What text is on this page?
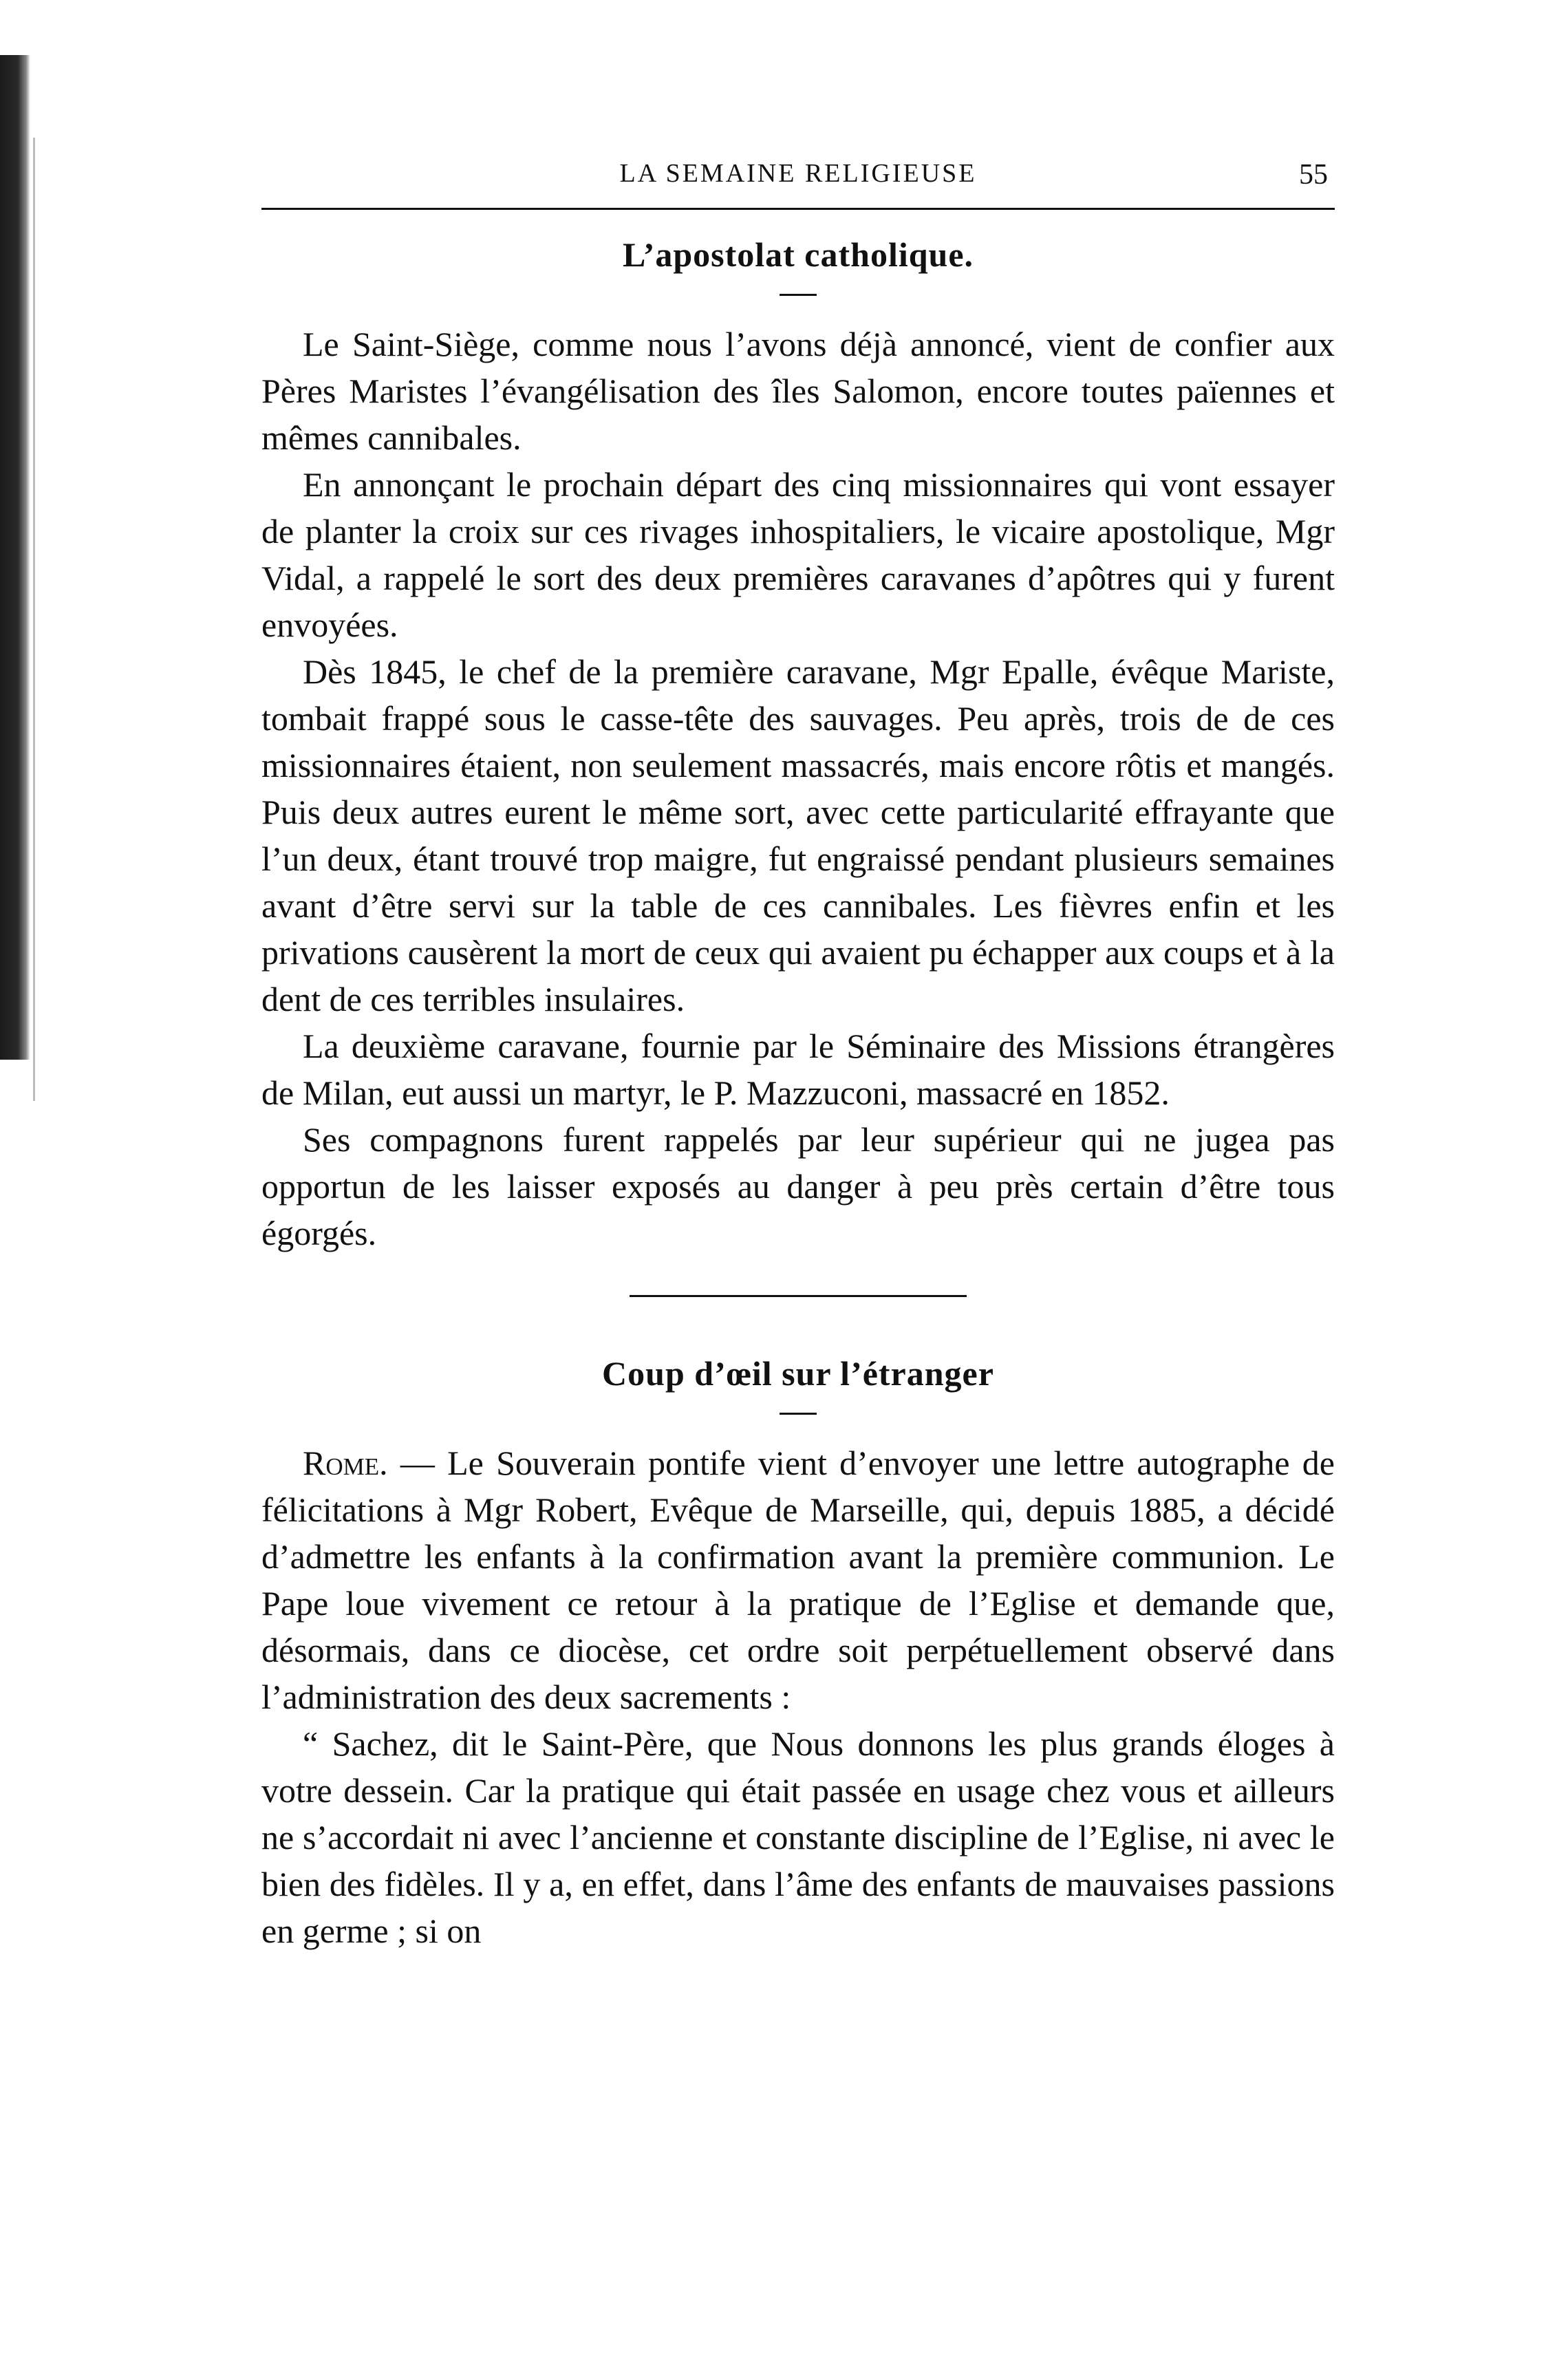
LA SEMAINE RELIGIEUSE	55
L’apostolat catholique.

Le Saint-Siège, comme nous l’avons déjà annoncé, vient de confier aux Pères Maristes l’évangélisation des îles Salomon, encore toutes païennes et mêmes cannibales.

En annonçant le prochain départ des cinq missionnaires qui vont essayer de planter la croix sur ces rivages inhospitaliers, le vicaire apostolique, Mgr Vidal, a rappelé le sort des deux premières caravanes d’apôtres qui y furent envoyées.

Dès 1845, le chef de la première caravane, Mgr Epalle, évêque Mariste, tombait frappé sous le casse-tête des sauvages. Peu après, trois de de ces missionnaires étaient, non seulement massacrés, mais encore rôtis et mangés. Puis deux autres eurent le même sort, avec cette particularité effrayante que l’un deux, étant trouvé trop maigre, fut engraissé pendant plusieurs semaines avant d’être servi sur la table de ces cannibales. Les fièvres enfin et les privations causèrent la mort de ceux qui avaient pu échapper aux coups et à la dent de ces terribles insulaires.

La deuxième caravane, fournie par le Séminaire des Missions étrangères de Milan, eut aussi un martyr, le P. Mazzuconi, massacré en 1852.

Ses compagnons furent rappelés par leur supérieur qui ne jugea pas opportun de les laisser exposés au danger à peu près certain d’être tous égorgés.

Coup d’œil sur l’étranger

Rome. — Le Souverain pontife vient d’envoyer une lettre autographe de félicitations à Mgr Robert, Evêque de Marseille, qui, depuis 1885, a décidé d’admettre les enfants à la confirmation avant la première communion. Le Pape loue vivement ce retour à la pratique de l’Eglise et demande que, désormais, dans ce diocèse, cet ordre soit perpétuellement observé dans l’administration des deux sacrements :

“ Sachez, dit le Saint-Père, que Nous donnons les plus grands éloges à votre dessein. Car la pratique qui était passée en usage chez vous et ailleurs ne s’accordait ni avec l’ancienne et constante discipline de l’Eglise, ni avec le bien des fidèles. Il y a, en effet, dans l’âme des enfants de mauvaises passions en germe ; si on
